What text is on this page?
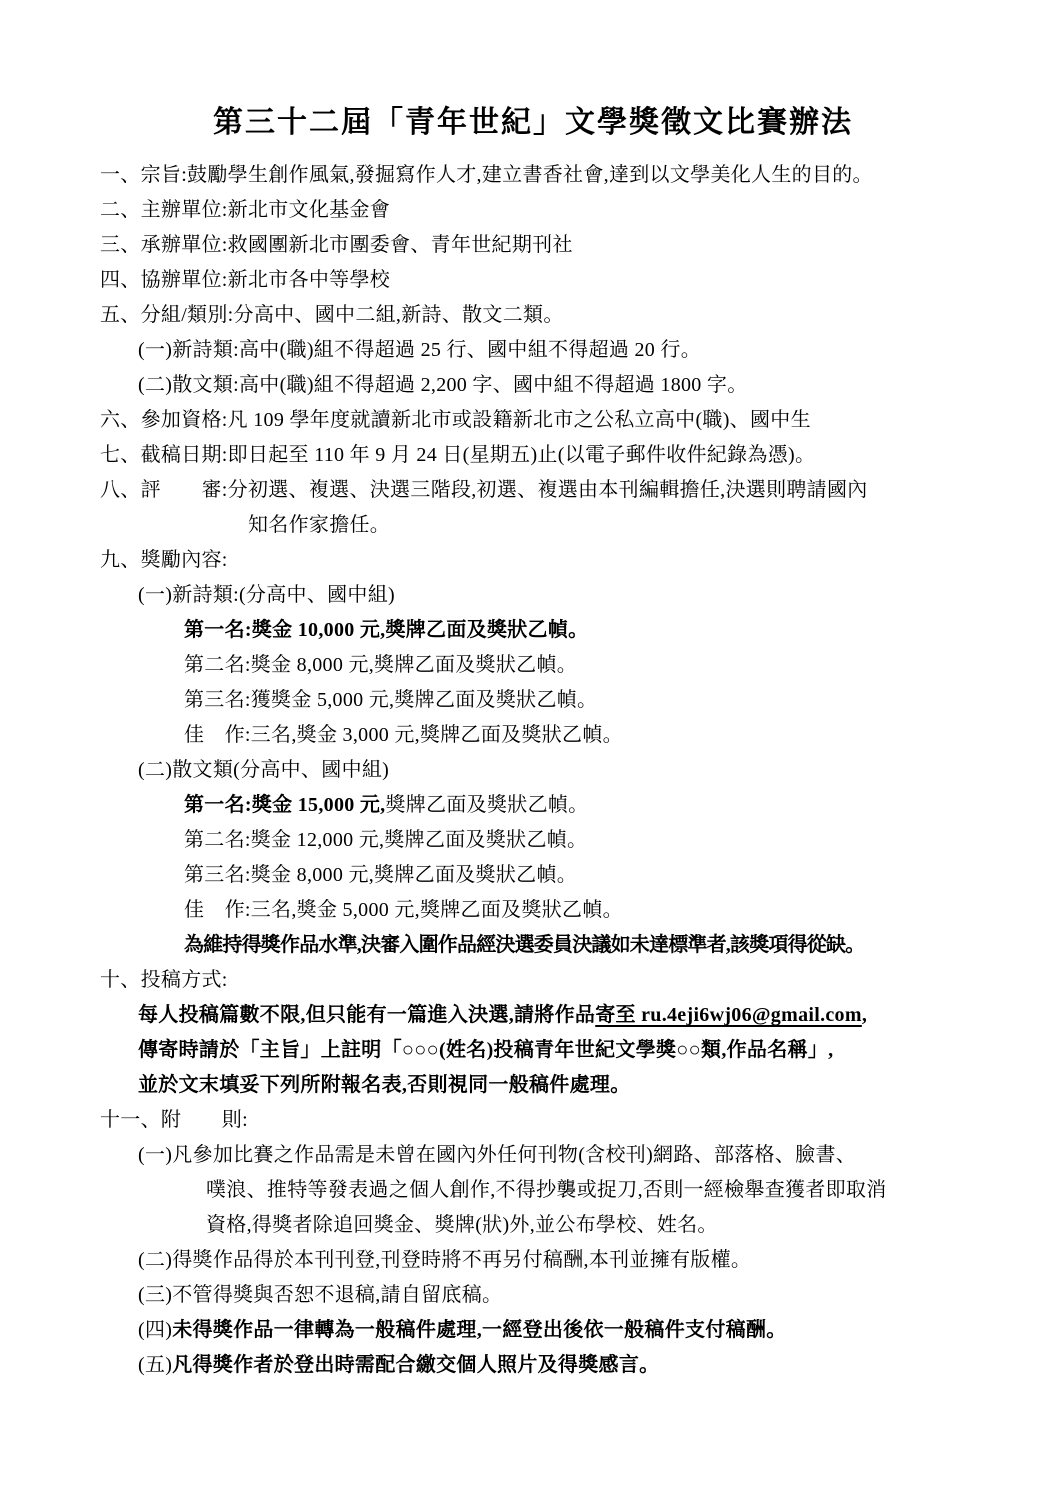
第三十二屆「青年世紀」文學獎徵文比賽辦法
一、宗旨:鼓勵學生創作風氣,發掘寫作人才,建立書香社會,達到以文學美化人生的目的。
二、主辦單位:新北市文化基金會
三、承辦單位:救國團新北市團委會、青年世紀期刊社
四、協辦單位:新北市各中等學校
五、分組/類別:分高中、國中二組,新詩、散文二類。
(一)新詩類:高中(職)組不得超過 25 行、國中組不得超過 20 行。
(二)散文類:高中(職)組不得超過 2,200 字、國中組不得超過 1800 字。
六、參加資格:凡 109 學年度就讀新北市或設籍新北市之公私立高中(職)、國中生
七、截稿日期:即日起至 110 年 9 月 24 日(星期五)止(以電子郵件收件紀錄為憑)。
八、評　　審:分初選、複選、決選三階段,初選、複選由本刊編輯擔任,決選則聘請國內
知名作家擔任。
九、獎勵內容:
(一)新詩類:(分高中、國中組)
第一名:獎金 10,000 元,獎牌乙面及獎狀乙幀。
第二名:獎金 8,000 元,獎牌乙面及獎狀乙幀。
第三名:獲獎金 5,000 元,獎牌乙面及獎狀乙幀。
佳　作:三名,獎金 3,000 元,獎牌乙面及獎狀乙幀。
(二)散文類(分高中、國中組)
第一名:獎金 15,000 元,獎牌乙面及獎狀乙幀。
第二名:獎金 12,000 元,獎牌乙面及獎狀乙幀。
第三名:獎金 8,000 元,獎牌乙面及獎狀乙幀。
佳　作:三名,獎金 5,000 元,獎牌乙面及獎狀乙幀。
為維持得獎作品水準,決審入圍作品經決選委員決議如未達標準者,該獎項得從缺。
十、投稿方式:
每人投稿篇數不限,但只能有一篇進入決選,請將作品寄至 ru.4eji6wj06@gmail.com,
傳寄時請於「主旨」上註明「○○○(姓名)投稿青年世紀文學獎○○類,作品名稱」,
並於文末填妥下列所附報名表,否則視同一般稿件處理。
十一、附　　則:
(一)凡參加比賽之作品需是未曾在國內外任何刊物(含校刊)網路、部落格、臉書、
噗浪、推特等發表過之個人創作,不得抄襲或捉刀,否則一經檢舉查獲者即取消
資格,得獎者除追回獎金、獎牌(狀)外,並公布學校、姓名。
(二)得獎作品得於本刊刊登,刊登時將不再另付稿酬,本刊並擁有版權。
(三)不管得獎與否恕不退稿,請自留底稿。
(四)未得獎作品一律轉為一般稿件處理,一經登出後依一般稿件支付稿酬。
(五)凡得獎作者於登出時需配合繳交個人照片及得獎感言。
